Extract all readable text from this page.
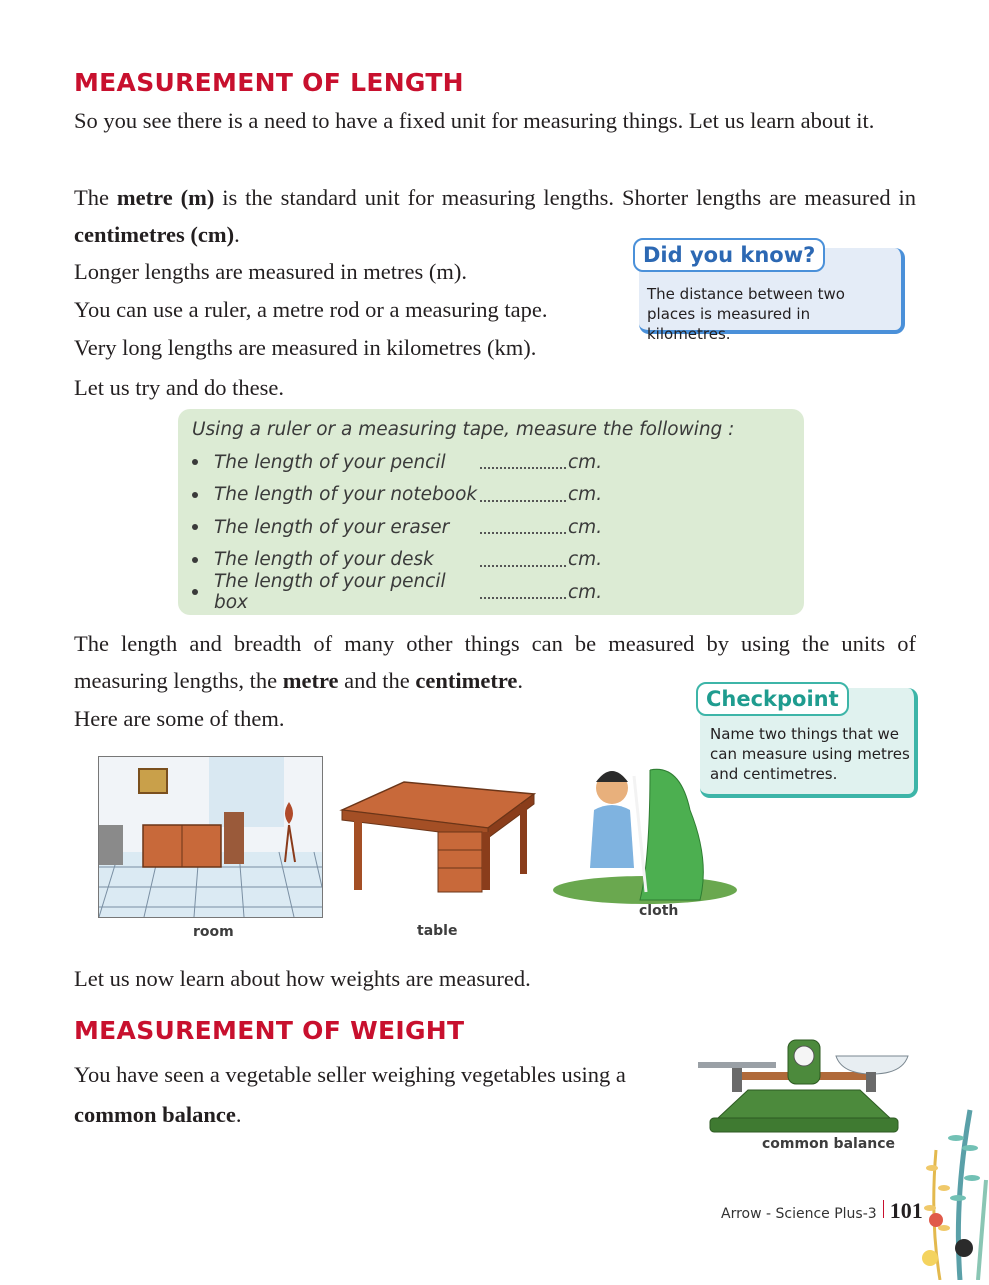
MEASUREMENT OF LENGTH
So you see there is a need to have a fixed unit for measuring things. Let us learn about it.
The metre (m) is the standard unit for measuring lengths. Shorter lengths are measured in centimetres (cm).
Longer lengths are measured in metres (m).
You can use a ruler, a metre rod or a measuring tape.
Very long lengths are measured in kilometres (km).
Let us try and do these.
Did you know?
The distance between two places is measured in kilometres.
Using a ruler or a measuring tape, measure the following :
The length of your pencil	cm.
The length of your notebook	cm.
The length of your eraser	cm.
The length of your desk	cm.
The length of your pencil box	cm.
The length and breadth of many other things can be measured by using the units of measuring lengths, the metre and the centimetre.
Here are some of them.
Checkpoint
Name two things that we can measure using metres and centimetres.
room	table
cloth
Let us now learn about how weights are measured.
MEASUREMENT OF WEIGHT
You have seen a vegetable seller weighing vegetables using a common balance.
common balance
Arrow - Science Plus-3 101
